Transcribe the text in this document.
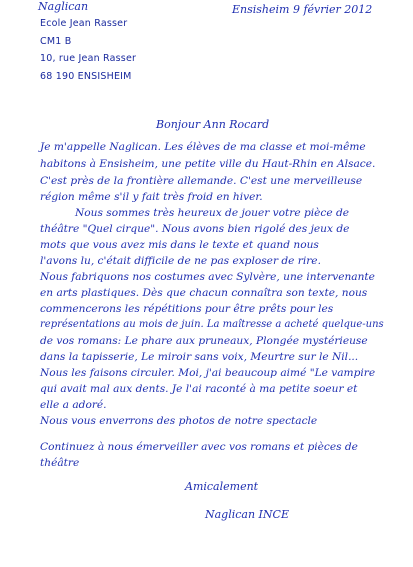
Naglican
Ecole Jean Rasser
CM1 B
10, rue Jean Rasser
68 190 ENSISHEIM
Ensisheim 9 février 2012
Bonjour Ann Rocard
Je m'appelle Naglican. Les élèves de ma classe et moi-même
habitons à Ensisheim, une petite ville du Haut-Rhin en Alsace.
C'est près de la frontière allemande. C'est une merveilleuse
région même s'il y fait très froid en hiver.
Nous sommes très heureux de jouer votre pièce de
théâtre "Quel cirque". Nous avons bien rigolé des jeux de
mots que vous avez mis dans le texte et quand nous
l'avons lu, c'était difficile de ne pas exploser de rire.
Nous fabriquons nos costumes avec Sylvère, une intervenante
en arts plastiques. Dès que chacun connaîtra son texte, nous
commencerons les répétitions pour être prêts pour les
représentations au mois de juin. La maîtresse a acheté quelque-uns
de vos romans: Le phare aux pruneaux, Plongée mystérieuse
dans la tapisserie, Le miroir sans voix, Meurtre sur le Nil...
Nous les faisons circuler. Moi, j'ai beaucoup aimé "Le vampire
qui avait mal aux dents. Je l'ai raconté à ma petite soeur et
elle a adoré.
Nous vous enverrons des photos de notre spectacle
Continuez à nous émerveiller avec vos romans et pièces de
théâtre
Amicalement
Naglican INCE
